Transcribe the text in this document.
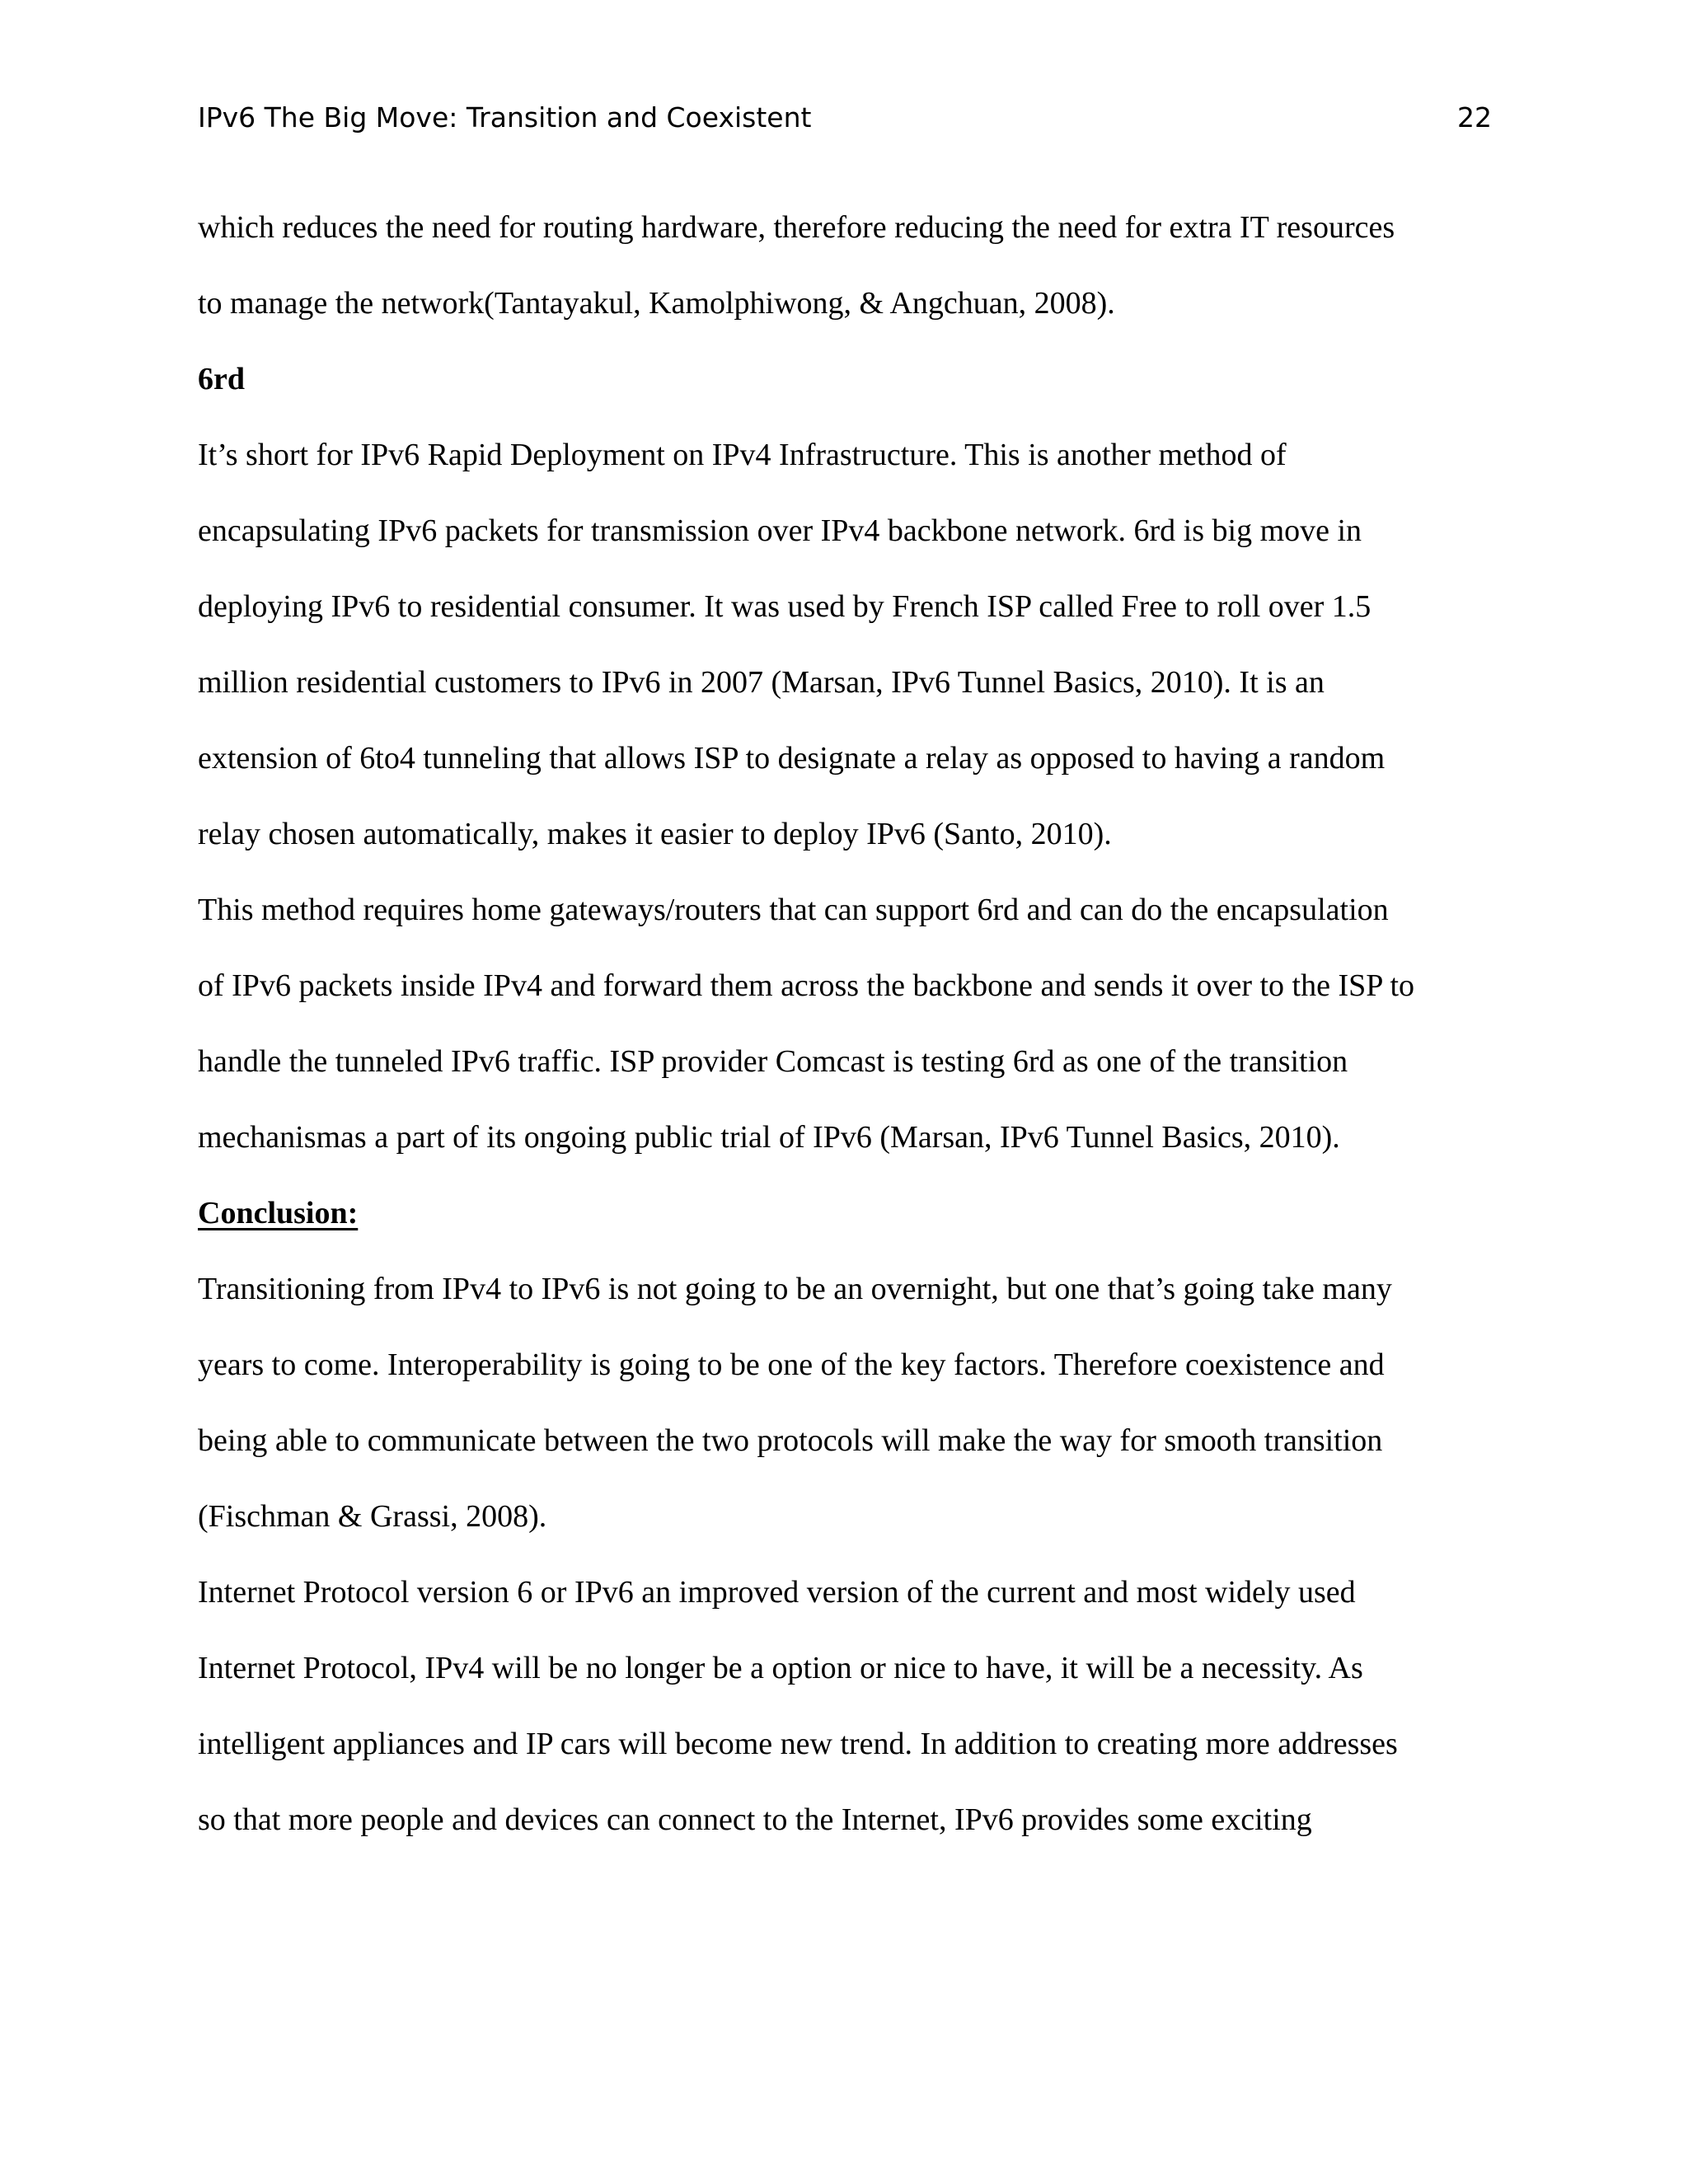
IPv6 The Big Move: Transition and Coexistent	22
which reduces the need for routing hardware, therefore reducing the need for extra IT resources
to manage the network(Tantayakul, Kamolphiwong, & Angchuan, 2008).
6rd
It’s short for IPv6 Rapid Deployment on IPv4 Infrastructure. This is another method of
encapsulating IPv6 packets for transmission over IPv4 backbone network. 6rd is big move in
deploying IPv6 to residential consumer. It was used by French ISP called Free to roll over 1.5
million residential customers to IPv6 in 2007 (Marsan, IPv6 Tunnel Basics, 2010). It is an
extension of 6to4 tunneling that allows ISP to designate a relay as opposed to having a random
relay chosen automatically, makes it easier to deploy IPv6 (Santo, 2010).
This method requires home gateways/routers that can support 6rd and can do the encapsulation
of IPv6 packets inside IPv4 and forward them across the backbone and sends it over to the ISP to
handle the tunneled IPv6 traffic. ISP provider Comcast is testing 6rd as one of the transition
mechanismas a part of its ongoing public trial of IPv6 (Marsan, IPv6 Tunnel Basics, 2010).
Conclusion:
Transitioning from IPv4 to IPv6 is not going to be an overnight, but one that’s going take many
years to come. Interoperability is going to be one of the key factors. Therefore coexistence and
being able to communicate between the two protocols will make the way for smooth transition
(Fischman & Grassi, 2008).
Internet Protocol version 6 or IPv6 an improved version of the current and most widely used
Internet Protocol, IPv4 will be no longer be a option or nice to have, it will be a necessity. As
intelligent appliances and IP cars will become new trend. In addition to creating more addresses
so that more people and devices can connect to the Internet, IPv6 provides some exciting
